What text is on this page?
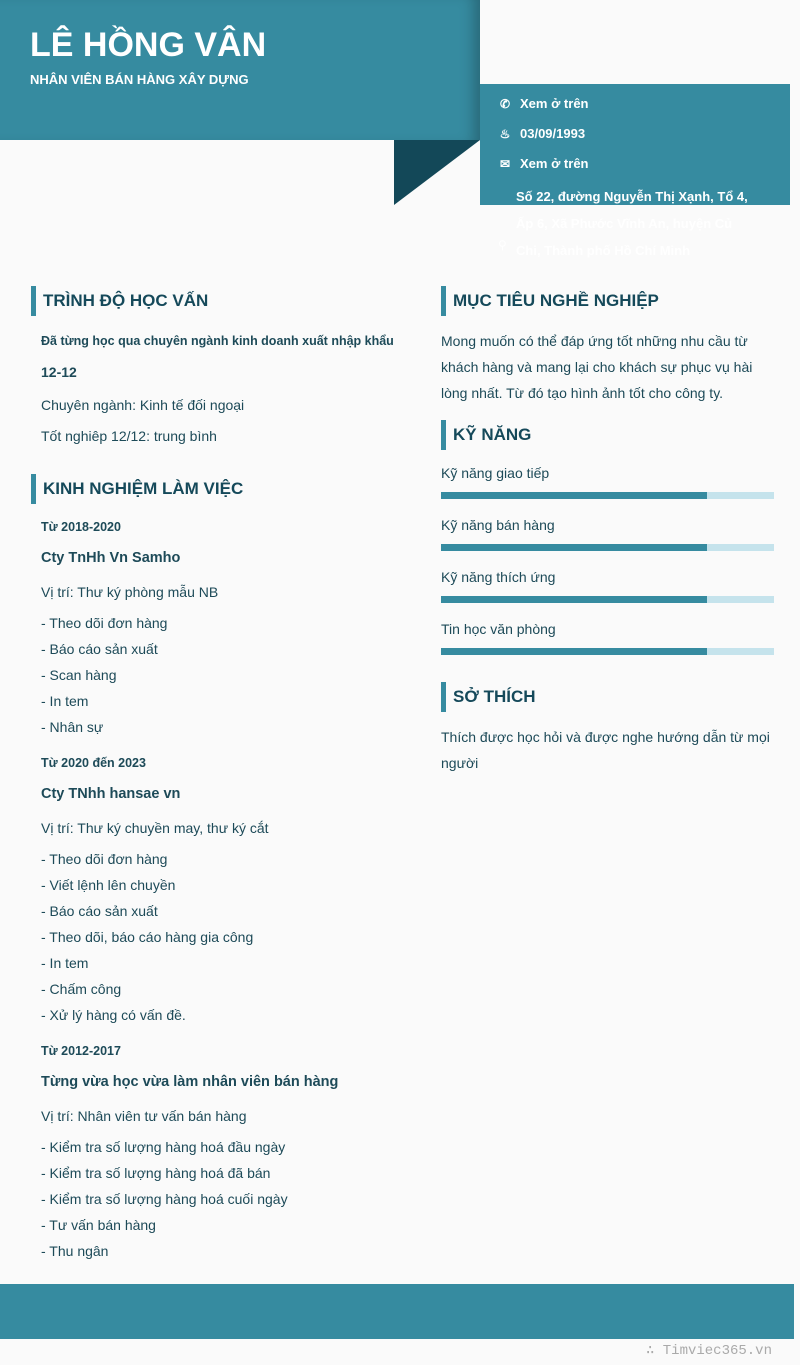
LÊ HỒNG VÂN
NHÂN VIÊN BÁN HÀNG XÂY DỰNG
✆ Xem ở trên
♨ 03/09/1993
✉ Xem ở trên
⚲
Số 22, đường Nguyễn Thị Xạnh, Tổ 4, Ấp 6, Xã Phước Vĩnh An, huyện Củ Chi, Thành phố Hồ Chí Minh
TRÌNH ĐỘ HỌC VẤN
Đã từng học qua chuyên ngành kinh doanh xuất nhập khẩu
12-12
Chuyên ngành: Kinh tế đối ngoại
Tốt nghiêp 12/12: trung bình
KINH NGHIỆM LÀM VIỆC
Từ 2018-2020
Cty TnHh Vn Samho
Vị trí: Thư ký phòng mẫu NB
- Theo dõi đơn hàng
- Báo cáo sản xuất
- Scan hàng
- In tem
- Nhân sự
Từ 2020 đến 2023
Cty TNhh hansae vn
Vị trí: Thư ký chuyền may, thư ký cắt
- Theo dõi đơn hàng
- Viết lệnh lên chuyền
- Báo cáo sản xuất
- Theo dõi, báo cáo hàng gia công
- In tem
- Chấm công
- Xử lý hàng có vấn đề.
Từ 2012-2017
Từng vừa học vừa làm nhân viên bán hàng
Vị trí: Nhân viên tư vấn bán hàng
- Kiểm tra số lượng hàng hoá đầu ngày
- Kiểm tra số lượng hàng hoá đã bán
- Kiểm tra số lượng hàng hoá cuối ngày
- Tư vấn bán hàng
- Thu ngân
MỤC TIÊU NGHỀ NGHIỆP
Mong muốn có thể đáp ứng tốt những nhu cầu từ khách hàng và mang lại cho khách sự phục vụ hài lòng nhất. Từ đó tạo hình ảnh tốt cho công ty.
KỸ NĂNG
Kỹ năng giao tiếp
Kỹ năng bán hàng
Kỹ năng thích ứng
Tin học văn phòng
SỞ THÍCH
Thích được học hỏi và được nghe hướng dẫn từ mọi người
∴ Timviec365.vn
